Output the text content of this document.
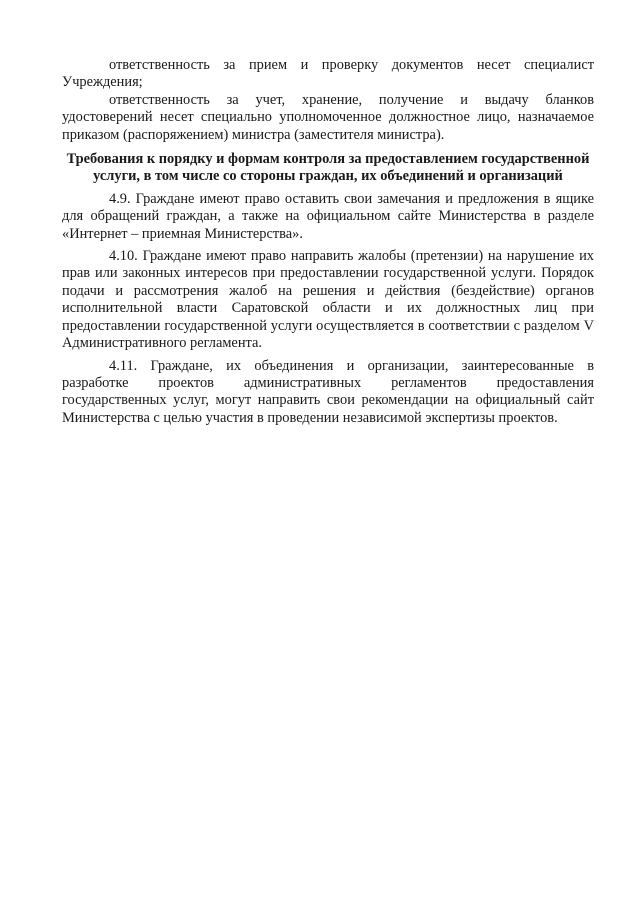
ответственность за прием и проверку документов несет специалист Учреждения;

ответственность за учет, хранение, получение и выдачу бланков удостоверений несет специально уполномоченное должностное лицо, назначаемое приказом (распоряжением) министра (заместителя министра).

Требования к порядку и формам контроля за предоставлением государственной услуги, в том числе со стороны граждан, их объединений и организаций

4.9. Граждане имеют право оставить свои замечания и предложения в ящике для обращений граждан, а также на официальном сайте Министерства в разделе «Интернет – приемная Министерства».

4.10. Граждане имеют право направить жалобы (претензии) на нарушение их прав или законных интересов при предоставлении государственной услуги. Порядок подачи и рассмотрения жалоб на решения и действия (бездействие) органов исполнительной власти Саратовской области и их должностных лиц при предоставлении государственной услуги осуществляется в соответствии с разделом V Административного регламента.

4.11. Граждане, их объединения и организации, заинтересованные в разработке проектов административных регламентов предоставления государственных услуг, могут направить свои рекомендации на официальный сайт Министерства с целью участия в проведении независимой экспертизы проектов.
